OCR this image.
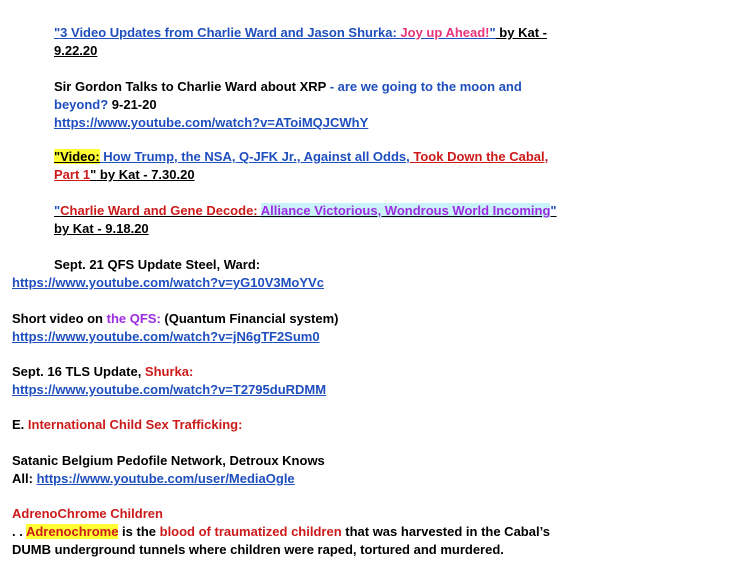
"3 Video Updates from Charlie Ward and Jason Shurka: Joy up Ahead!" by Kat -
9.22.20
Sir Gordon Talks to Charlie Ward about XRP - are we going to the moon and
beyond? 9-21-20
https://www.youtube.com/watch?v=AToiMQJCWhY
"Video: How Trump, the NSA, Q-JFK Jr., Against all Odds, Took Down the Cabal,
Part 1" by Kat - 7.30.20
"Charlie Ward and Gene Decode: Alliance Victorious, Wondrous World Incoming"
by Kat - 9.18.20
Sept. 21 QFS Update Steel, Ward:
https://www.youtube.com/watch?v=yG10V3MoYVc
Short video on the QFS: (Quantum Financial system)
https://www.youtube.com/watch?v=jN6gTF2Sum0
Sept. 16 TLS Update, Shurka:
https://www.youtube.com/watch?v=T2795duRDMM
E. International Child Sex Trafficking:
Satanic Belgium Pedofile Network, Detroux Knows
All: https://www.youtube.com/user/MediaOgle
AdrenoChrome Children
. . Adrenochrome is the blood of traumatized children that was harvested in the Cabal’s
DUMB underground tunnels where children were raped, tortured and murdered.
